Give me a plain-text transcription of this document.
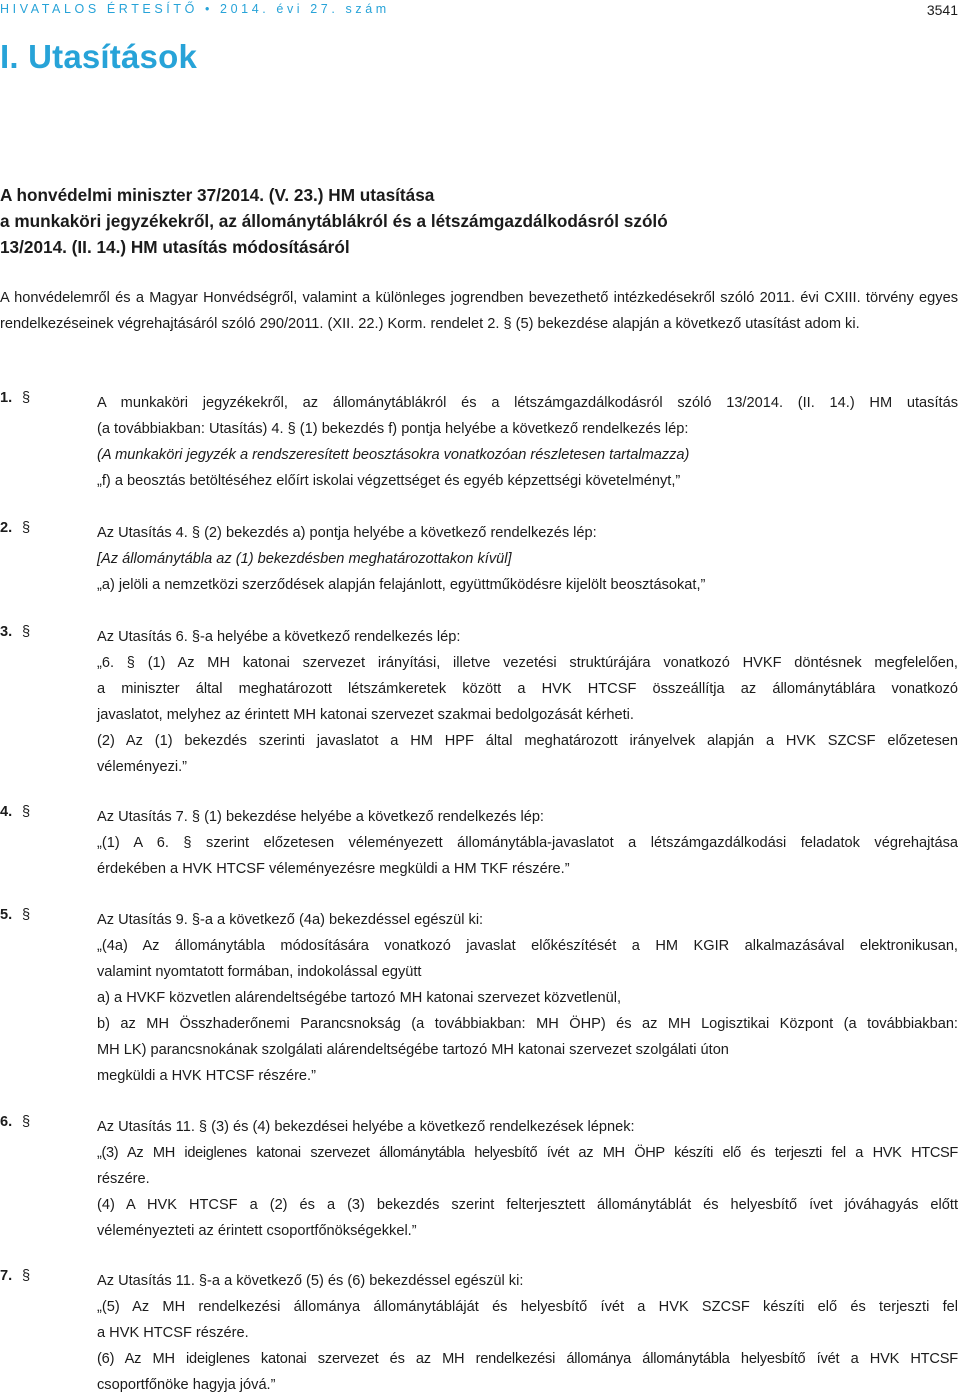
HIVATALOS ÉRTESÍTŐ • 2014. évi 27. szám	3541
I. Utasítások
A honvédelmi miniszter 37/2014. (V. 23.) HM utasítása
a munkaköri jegyzékekről, az állománytáblákról és a létszámgazdálkodásról szóló
13/2014. (II. 14.) HM utasítás módosításáról
A honvédelemről és a Magyar Honvédségről, valamint a különleges jogrendben bevezethető intézkedésekről szóló 2011. évi CXIII. törvény egyes rendelkezéseinek végrehajtásáról szóló 290/2011. (XII. 22.) Korm. rendelet 2. § (5) bekezdése alapján a következő utasítást adom ki.
1. §	A munkaköri jegyzékekről, az állománytáblákról és a létszámgazdálkodásról szóló 13/2014. (II. 14.) HM utasítás
(a továbbiakban: Utasítás) 4. § (1) bekezdés f) pontja helyébe a következő rendelkezés lép:
(A munkaköri jegyzék a rendszeresített beosztásokra vonatkozóan részletesen tartalmazza)
„f) a beosztás betöltéséhez előírt iskolai végzettséget és egyéb képzettségi követelményt,”
2. §	Az Utasítás 4. § (2) bekezdés a) pontja helyébe a következő rendelkezés lép:
[Az állománytábla az (1) bekezdésben meghatározottakon kívül]
„a) jelöli a nemzetközi szerződések alapján felajánlott, együttműködésre kijelölt beosztásokat,”
3. §	Az Utasítás 6. §-a helyébe a következő rendelkezés lép:
„6. § (1) Az MH katonai szervezet irányítási, illetve vezetési struktúrájára vonatkozó HVKF döntésnek megfelelően,
a miniszter által meghatározott létszámkeretek között a HVK HTCSF összeállítja az állománytáblára vonatkozó
javaslatot, melyhez az érintett MH katonai szervezet szakmai bedolgozását kérheti.
(2) Az (1) bekezdés szerinti javaslatot a HM HPF által meghatározott irányelvek alapján a HVK SZCSF előzetesen
véleményezi.”
4. §	Az Utasítás 7. § (1) bekezdése helyébe a következő rendelkezés lép:
„(1) A 6. § szerint előzetesen véleményezett állománytábla-javaslatot a létszámgazdálkodási feladatok végrehajtása
érdekében a HVK HTCSF véleményezésre megküldi a HM TKF részére.”
5. §	Az Utasítás 9. §-a a következő (4a) bekezdéssel egészül ki:
„(4a) Az állománytábla módosítására vonatkozó javaslat előkészítését a HM KGIR alkalmazásával elektronikusan,
valamint nyomtatott formában, indokolással együtt
a) a HVKF közvetlen alárendeltségébe tartozó MH katonai szervezet közvetlenül,
b) az MH Összhaderőnemi Parancsnokság (a továbbiakban: MH ÖHP) és az MH Logisztikai Központ (a továbbiakban:
MH LK) parancsnokának szolgálati alárendeltségébe tartozó MH katonai szervezet szolgálati úton
megküldi a HVK HTCSF részére.”
6. §	Az Utasítás 11. § (3) és (4) bekezdései helyébe a következő rendelkezések lépnek:
„(3) Az MH ideiglenes katonai szervezet állománytábla helyesbítő ívét az MH ÖHP készíti elő és terjeszti fel a HVK HTCSF
részére.
(4) A HVK HTCSF a (2) és a (3) bekezdés szerint felterjesztett állománytáblát és helyesbítő ívet jóváhagyás előtt
véleményezteti az érintett csoportfőnökségekkel.”
7. §	Az Utasítás 11. §-a a következő (5) és (6) bekezdéssel egészül ki:
„(5) Az MH rendelkezési állománya állománytábláját és helyesbítő ívét a HVK SZCSF készíti elő és terjeszti fel
a HVK HTCSF részére.
(6) Az MH ideiglenes katonai szervezet és az MH rendelkezési állománya állománytábla helyesbítő ívét a HVK HTCSF
csoportfőnöke hagyja jóvá.”
